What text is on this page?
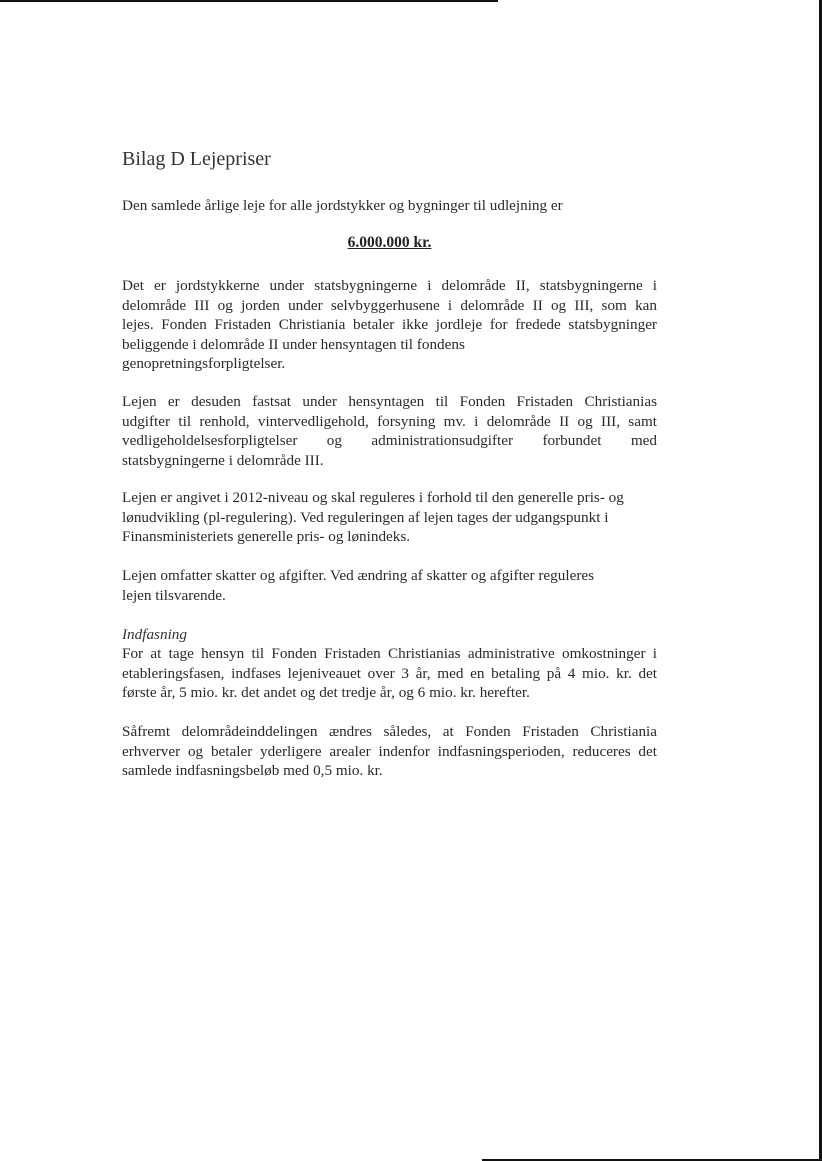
Bilag D Lejepriser

Den samlede årlige leje for alle jordstykker og bygninger til udlejning er

6.000.000 kr.

Det er jordstykkerne under statsbygningerne i delområde II, statsbygningerne i
delområde III og jorden under selvbyggerhusene i delområde II og III, som kan
lejes. Fonden Fristaden Christiania betaler ikke jordleje for fredede statsbygninger
beliggende i delområde II under hensyntagen til fondens
genopretningsforpligtelser.

Lejen er desuden fastsat under hensyntagen til Fonden Fristaden Christianias
udgifter til renhold, vintervedligehold, forsyning mv. i delområde II og III, samt
vedligeholdelsesforpligtelser og administrationsudgifter forbundet med
statsbygningerne i delområde III.

Lejen er angivet i 2012-niveau og skal reguleres i forhold til den generelle pris- og
lønudvikling (pl-regulering). Ved reguleringen af lejen tages der udgangspunkt i
Finansministeriets generelle pris- og lønindeks.

Lejen omfatter skatter og afgifter. Ved ændring af skatter og afgifter reguleres
lejen tilsvarende.

Indfasning

For at tage hensyn til Fonden Fristaden Christianias administrative omkostninger i
etableringsfasen, indfases lejeniveauet over 3 år, med en betaling på 4 mio. kr. det
første år, 5 mio. kr. det andet og det tredje år, og 6 mio. kr. herefter.

Såfremt delområdeinddelingen ændres således, at Fonden Fristaden Christiania
erhverver og betaler yderligere arealer indenfor indfasningsperioden, reduceres det
samlede indfasningsbeløb med 0,5 mio. kr.
